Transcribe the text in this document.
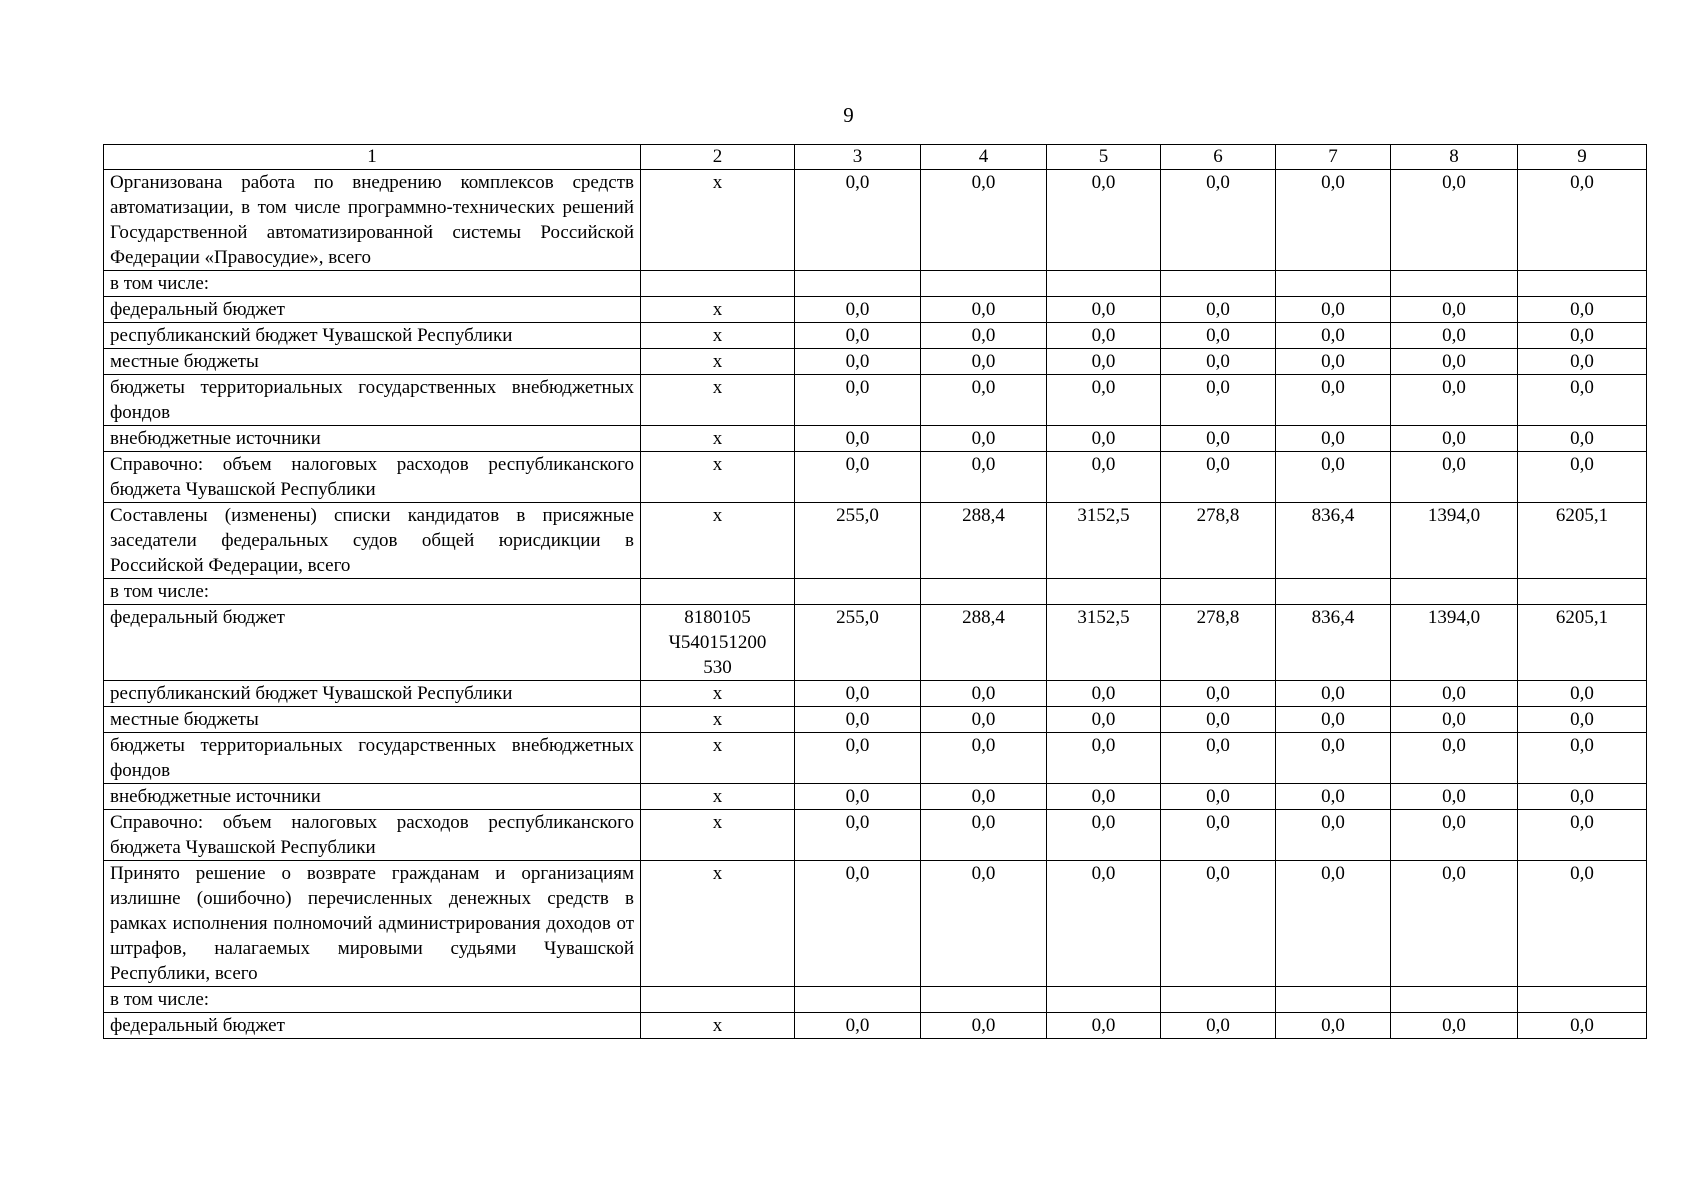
9
1	2	3	4	5	6	7	8	9
Организована работа по внедрению комплексов средств автоматизации, в том числе программно-технических решений Государственной автоматизированной системы Российской Федерации «Правосудие», всего	х	0,0	0,0	0,0	0,0	0,0	0,0	0,0
в том числе:								
федеральный бюджет	х	0,0	0,0	0,0	0,0	0,0	0,0	0,0
республиканский бюджет Чувашской Республики	х	0,0	0,0	0,0	0,0	0,0	0,0	0,0
местные бюджеты	х	0,0	0,0	0,0	0,0	0,0	0,0	0,0
бюджеты территориальных государственных внебюджетных фондов	х	0,0	0,0	0,0	0,0	0,0	0,0	0,0
внебюджетные источники	х	0,0	0,0	0,0	0,0	0,0	0,0	0,0
Справочно: объем налоговых расходов республиканского бюджета Чувашской Республики	х	0,0	0,0	0,0	0,0	0,0	0,0	0,0
Составлены (изменены) списки кандидатов в присяжные заседатели федеральных судов общей юрисдикции в Российской Федерации, всего	х	255,0	288,4	3152,5	278,8	836,4	1394,0	6205,1
в том числе:								
федеральный бюджет	8180105 Ч540151200 530	255,0	288,4	3152,5	278,8	836,4	1394,0	6205,1
республиканский бюджет Чувашской Республики	х	0,0	0,0	0,0	0,0	0,0	0,0	0,0
местные бюджеты	х	0,0	0,0	0,0	0,0	0,0	0,0	0,0
бюджеты территориальных государственных внебюджетных фондов	х	0,0	0,0	0,0	0,0	0,0	0,0	0,0
внебюджетные источники	х	0,0	0,0	0,0	0,0	0,0	0,0	0,0
Справочно: объем налоговых расходов республиканского бюджета Чувашской Республики	х	0,0	0,0	0,0	0,0	0,0	0,0	0,0
Принято решение о возврате гражданам и организациям излишне (ошибочно) перечисленных денежных средств в рамках исполнения полномочий администрирования доходов от штрафов, налагаемых мировыми судьями Чувашской Республики, всего	х	0,0	0,0	0,0	0,0	0,0	0,0	0,0
в том числе:								
федеральный бюджет	х	0,0	0,0	0,0	0,0	0,0	0,0	0,0
